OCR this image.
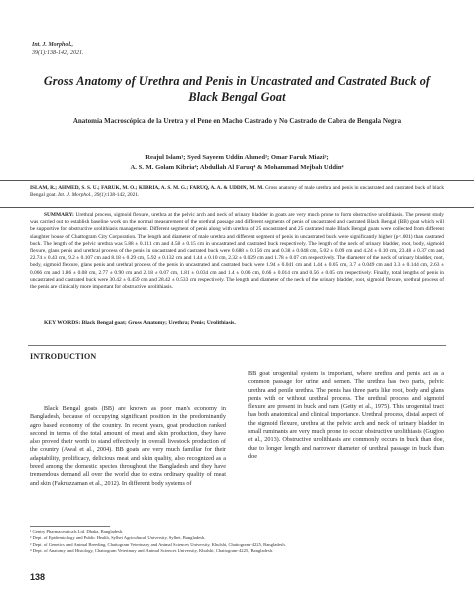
Int. J. Morphol.,
39(1):138-142, 2021.
Gross Anatomy of Urethra and Penis in Uncastrated and Castrated Buck of Black Bengal Goat
Anatomía Macroscópica de la Uretra y el Pene en Macho Castrado y No Castrado de Cabra de Bengala Negra
Reajul Islam¹; Syed Sayeem Uddin Ahmed²; Omar Faruk Miazi³;
A. S. M. Golam Kibria⁴; Abdullah Al Faruq⁴ & Mohammad Mejbah Uddin⁴

ISLAM, R.; AHMED, S. S. U.; FARUK, M. O.; KIBRIA, A. S. M. G.; FARUQ, A. A. & UDDIN, M. M. Gross anatomy of male urethra and penis in uncastrated and castrated buck of black Bengal goat. Int. J. Morphol., 39(1):138-142, 2021.

SUMMARY: Urethral process, sigmoid flexure, urethra at the pelvic arch and neck of urinary bladder in goats are very much prone to form obstructive urolithiasis. The present study was carried out to establish baseline work on the normal measurement of the urethral passage and different segments of penis of uncastrated and castrated Black Bengal (BB) goat which will be supportive for obstructive urolithiasis management. Different segment of penis along with urethra of 25 uncastrated and 25 castrated male Black Bengal goats were collected from different slaughter house of Chattogram City Corporation. The length and diameter of male urethra and different segment of penis in uncastrated buck were significantly higher (p<.001) than castrated buck. The length of the pelvic urethra was 5.88 ± 0.111 cm and 4.58 ± 0.15 cm in uncastrated and castrated buck respectively. The length of the neck of urinary bladder, root, body, sigmoid flexure, glans penis and urethral process of the penis in uncastrated and castrated buck were 0.688 ± 0.156 cm and 0.38 ± 0.048 cm, 5.02 ± 0.09 cm and 4.24 ± 0.10 cm, 23.48 ± 0.37 cm and 22.74 ± 0.43 cm, 9.2 ± 0.107 cm and 8.18 ± 0.29 cm, 5.92 ± 0.132 cm and 1.44 ± 0.10 cm, 2.32 ± 0.029 cm and 1.78 ± 0.07 cm respectively. The diameter of the neck of urinary bladder, root, body, sigmoid flexure, glans penis and urethral process of the penis in uncastrated and castrated buck were 1.94 ± 0.041 cm and 1.44 ± 0.05 cm, 3.7 ± 0.049 cm and 3.3 ± 0.144 cm, 2.63 ± 0.066 cm and 1.86 ± 0.08 cm, 2.77 ± 0.90 cm and 2.18 ± 0.07 cm, 1.81 ± 0.034 cm and 1.4 ± 0.06 cm, 0.66 ± 0.014 cm and 0.56 ± 0.05 cm respectively. Finally, total lengths of penis in uncastrated and castrated buck were 30.42 ± 0.459 cm and 28.42 ± 0.533 cm respectively. The length and diameter of the neck of the urinary bladder, root, sigmoid flexure, urethral process of the penis are clinically more important for obstructive urolithiasis.

KEY WORDS: Black Bengal goat; Gross Anatomy; Urethra; Penis; Urolithiasis.

INTRODUCTION

Black Bengal goats (BB) are known as poor man's economy in Bangladesh, because of occupying significant position in the predominantly agro based economy of the country. In recent years, goat production ranked second in terms of the total amount of meat and skin production, they have also proved their worth to stand effectively in overall livestock production of the country (Awal et al., 2004). BB goats are very much familiar for their adaptability, prolificacy, delicious meat and skin quality, also recognized as a breed among the domestic species throughout the Bangladesh and they have tremendous demand all over the world due to extra ordinary quality of meat and skin (Fakruzzaman et al., 2012). In different body systems of

BB goat urogenital system is important, where urethra and penis act as a common passage for urine and semen. The urethra has two parts, pelvic urethra and penile urethra. The penis has three parts like root, body and glans penis with or without urethral process. The urethral process and sigmoid flexure are present in buck and ram (Getty et al., 1975). This urogenital tract has both anatomical and clinical importance. Urethral process, distal aspect of the sigmoid flexure, urethra at the pelvic arch and neck of urinary bladder in small ruminants are very much prone to occur obstructive urolithiasis (Gugjoo et al., 2013). Obstructive urolithiasis are commonly occurs in buck than doe, due to longer length and narrower diameter of urethral passage in buck than doe

¹ Gentry Pharmaceuticals Ltd. Dhaka, Bangladesh.
² Dept. of Epidemiology and Public Health, Sylhet Agricultural University, Sylhet, Bangladesh.
³ Dept. of Genetics and Animal Breeding, Chattogram Veterinary and Animal Sciences University, Khulshi, Chattogram-4225, Bangladesh.
⁴ Dept. of Anatomy and Histology, Chattogram Veterinary and Animal Sciences University, Khulshi, Chattogram-4225, Bangladesh.
138
